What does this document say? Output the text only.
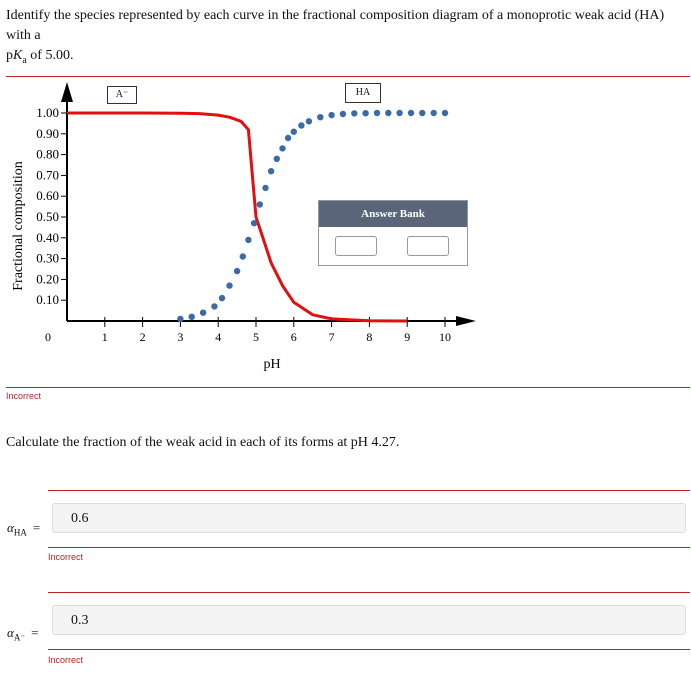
Identify the species represented by each curve in the fractional composition diagram of a monoprotic weak acid (HA) with a
$pK_a$ of 5.00.
0.10
0.20
0.30
0.40
0.50
0.60
0.70
0.80
0.90
1.00
0	1	2	3	4	5	6	7	8	9 10
pH
Fractional composition
A⁻	HA
Answer Bank
Incorrect
Calculate the fraction of the weak acid in each of its forms at pH 4.27.
$\alpha_{HA}$ =
0.6
Incorrect
$\alpha_{A^-}$ =
0.3
Incorrect
